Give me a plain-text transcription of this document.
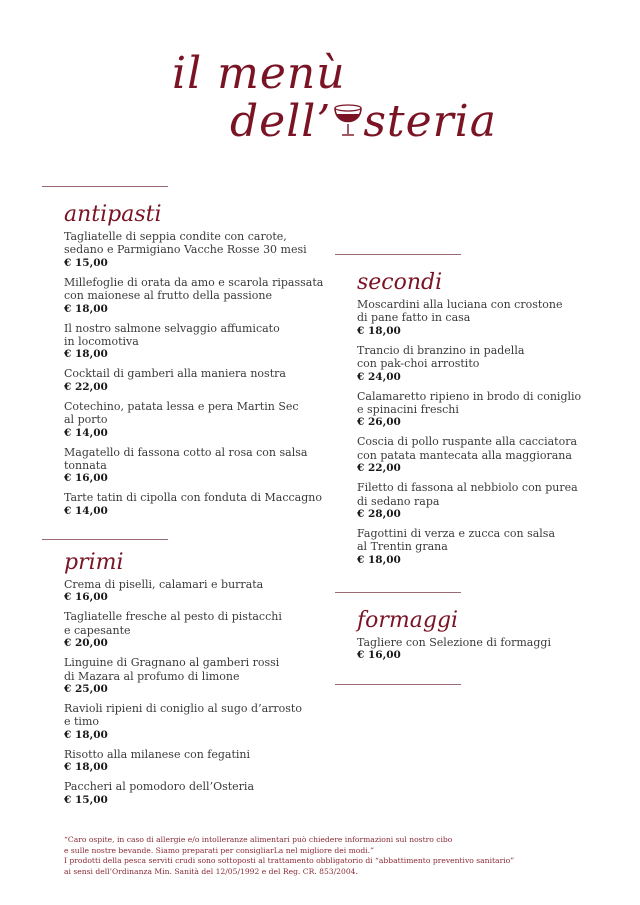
il menù
dell’ steria
antipasti
Tagliatelle di seppia condite con carote,
sedano e Parmigiano Vacche Rosse 30 mesi
€ 15,00
Millefoglie di orata da amo e scarola ripassata
con maionese al frutto della passione
€ 18,00
Il nostro salmone selvaggio affumicato
in locomotiva
€ 18,00
Cocktail di gamberi alla maniera nostra
€ 22,00
Cotechino, patata lessa e pera Martin Sec
al porto
€ 14,00
Magatello di fassona cotto al rosa con salsa
tonnata
€ 16,00
Tarte tatin di cipolla con fonduta di Maccagno
€ 14,00
primi
Crema di piselli, calamari e burrata
€ 16,00
Tagliatelle fresche al pesto di pistacchi
e capesante
€ 20,00
Linguine di Gragnano al gamberi rossi
di Mazara al profumo di limone
€ 25,00
Ravioli ripieni di coniglio al sugo d’arrosto
e timo
€ 18,00
Risotto alla milanese con fegatini
€ 18,00
Paccheri al pomodoro dell’Osteria
€ 15,00
secondi
Moscardini alla luciana con crostone
di pane fatto in casa
€ 18,00
Trancio di branzino in padella
con pak-choi arrostito
€ 24,00
Calamaretto ripieno in brodo di coniglio
e spinacini freschi
€ 26,00
Coscia di pollo ruspante alla cacciatora
con patata mantecata alla maggiorana
€ 22,00
Filetto di fassona al nebbiolo con purea
di sedano rapa
€ 28,00
Fagottini di verza e zucca con salsa
al Trentin grana
€ 18,00
formaggi
Tagliere con Selezione di formaggi
€ 16,00
“Caro ospite, in caso di allergie e/o intolleranze alimentari può chiedere informazioni sul nostro cibo
e sulle nostre bevande. Siamo preparati per consigliarLa nel migliore dei modi.”
I prodotti della pesca serviti crudi sono sottoposti al trattamento obbligatorio di “abbattimento preventivo sanitario”
ai sensi dell’Ordinanza Min. Sanità del 12/05/1992 e del Reg. CR. 853/2004.
